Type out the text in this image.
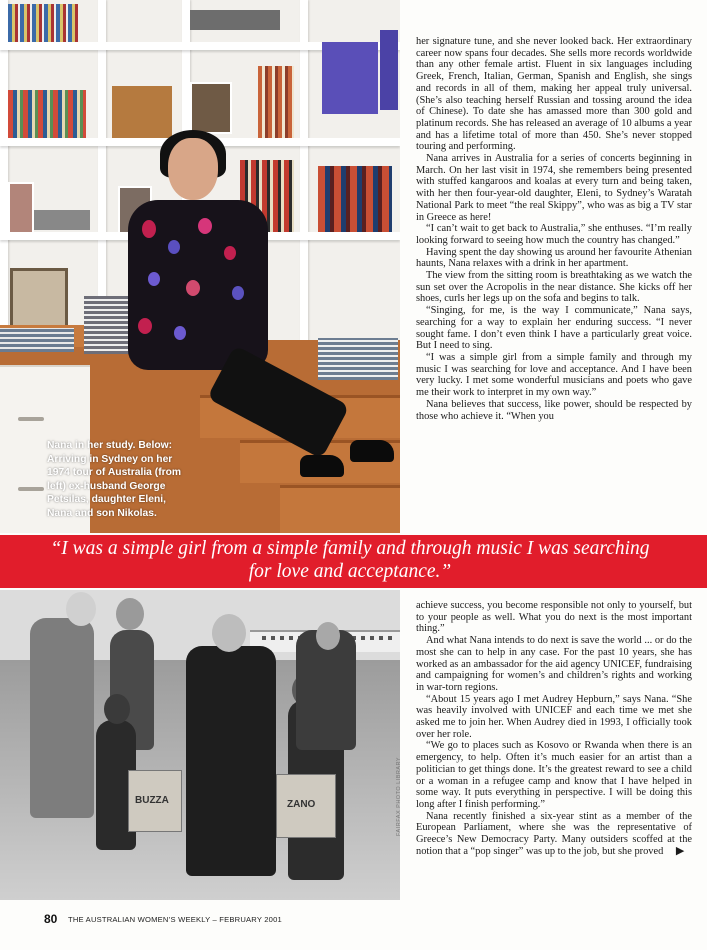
Nana in her study. Below: Arriving in Sydney on her 1974 tour of Australia (from left) ex-husband George Petsilas, daughter Eleni, Nana and son Nikolas.

her signature tune, and she never looked back. Her extraordinary career now spans four decades. She sells more records worldwide than any other female artist. Fluent in six languages including Greek, French, Italian, German, Spanish and English, she sings and records in all of them, making her appeal truly universal. (She’s also teaching herself Russian and tossing around the idea of Chinese). To date she has amassed more than 300 gold and platinum records. She has released an average of 10 albums a year and has a lifetime total of more than 450. She’s never stopped touring and performing.

Nana arrives in Australia for a series of concerts beginning in March. On her last visit in 1974, she remembers being presented with stuffed kangaroos and koalas at every turn and being taken, with her then four-year-old daughter, Eleni, to Sydney’s Waratah National Park to meet “the real Skippy”, who was as big a TV star in Greece as here!

“I can’t wait to get back to Australia,” she enthuses. “I’m really looking forward to seeing how much the country has changed.”

Having spent the day showing us around her favourite Athenian haunts, Nana relaxes with a drink in her apartment.

The view from the sitting room is breathtaking as we watch the sun set over the Acropolis in the near distance. She kicks off her shoes, curls her legs up on the sofa and begins to talk.

“Singing, for me, is the way I communicate,” Nana says, searching for a way to explain her enduring success. “I never sought fame. I don’t even think I have a particularly great voice. But I need to sing.

“I was a simple girl from a simple family and through my music I was searching for love and acceptance. And I have been very lucky. I met some wonderful musicians and poets who gave me their work to interpret in my own way.”

Nana believes that success, like power, should be respected by those who achieve it. “When you

“I was a simple girl from a simple family and through music I was searching for love and acceptance.”
BUZZA	ZANO	FAIRFAX PHOTO LIBRARY

achieve success, you become responsible not only to yourself, but to your people as well. What you do next is the most important thing.”

And what Nana intends to do next is save the world ... or do the most she can to help in any case. For the past 10 years, she has worked as an ambassador for the aid agency UNICEF, fundraising and campaigning for women’s and children’s rights and working in war-torn regions.

“About 15 years ago I met Audrey Hepburn,” says Nana. “She was heavily involved with UNICEF and each time we met she asked me to join her. When Audrey died in 1993, I officially took over her role.

“We go to places such as Kosovo or Rwanda when there is an emergency, to help. Often it’s much easier for an artist than a politician to get things done. It’s the greatest reward to see a child or a woman in a refugee camp and know that I have helped in some way. It puts everything in perspective. I will be doing this long after I finish performing.”

Nana recently finished a six-year stint as a member of the European Parliament, where she was the representative of Greece’s New Democracy Party. Many outsiders scoffed at the notion that a “pop singer” was up to the job, but she proved ▶

80 THE AUSTRALIAN WOMEN’S WEEKLY – FEBRUARY 2001
